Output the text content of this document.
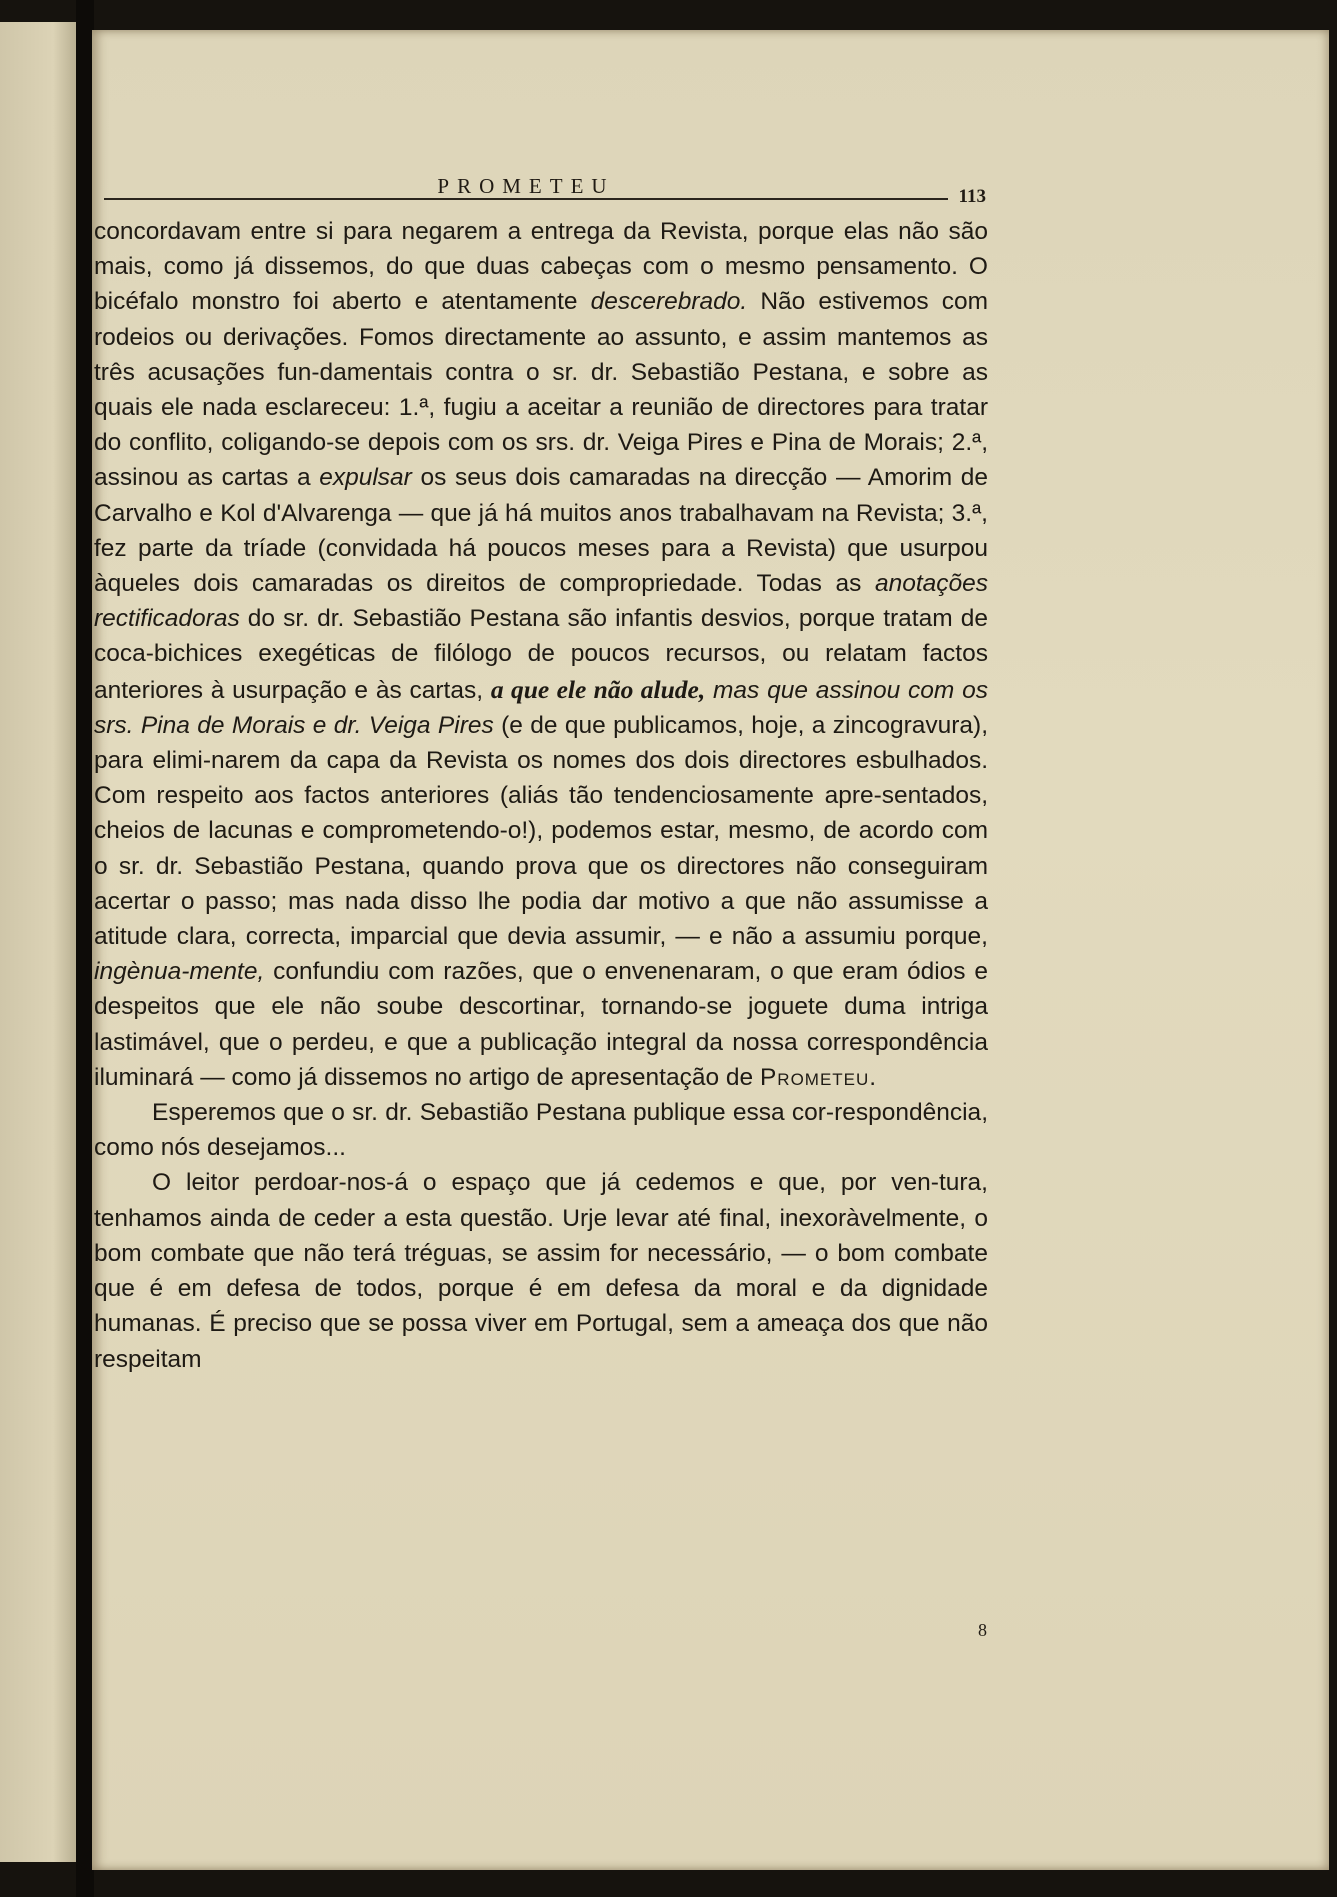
PROMETEU	113

concordavam entre si para negarem a entrega da Revista, porque elas não são mais, como já dissemos, do que duas cabeças com o mesmo pensamento. O bicéfalo monstro foi aberto e atentamente descerebrado. Não estivemos com rodeios ou derivações. Fomos directamente ao assunto, e assim mantemos as três acusações fun-damentais contra o sr. dr. Sebastião Pestana, e sobre as quais ele nada esclareceu: 1.ª, fugiu a aceitar a reunião de directores para tratar do conflito, coligando-se depois com os srs. dr. Veiga Pires e Pina de Morais; 2.ª, assinou as cartas a expulsar os seus dois camaradas na direcção — Amorim de Carvalho e Kol d'Alvarenga — que já há muitos anos trabalhavam na Revista; 3.ª, fez parte da tríade (convidada há poucos meses para a Revista) que usurpou àqueles dois camaradas os direitos de compropriedade. Todas as anotações rectificadoras do sr. dr. Sebastião Pestana são infantis desvios, porque tratam de coca-bichices exegéticas de filólogo de poucos recursos, ou relatam factos anteriores à usurpação e às cartas, a que ele não alude, mas que assinou com os srs. Pina de Morais e dr. Veiga Pires (e de que publicamos, hoje, a zincogravura), para elimi-narem da capa da Revista os nomes dos dois directores esbulhados. Com respeito aos factos anteriores (aliás tão tendenciosamente apre-sentados, cheios de lacunas e comprometendo-o!), podemos estar, mesmo, de acordo com o sr. dr. Sebastião Pestana, quando prova que os directores não conseguiram acertar o passo; mas nada disso lhe podia dar motivo a que não assumisse a atitude clara, correcta, imparcial que devia assumir, — e não a assumiu porque, ingènua-mente, confundiu com razões, que o envenenaram, o que eram ódios e despeitos que ele não soube descortinar, tornando-se joguete duma intriga lastimável, que o perdeu, e que a publicação integral da nossa correspondência iluminará — como já dissemos no artigo de apresentação de Prometeu.

Esperemos que o sr. dr. Sebastião Pestana publique essa cor-respondência, como nós desejamos...

O leitor perdoar-nos-á o espaço que já cedemos e que, por ven-tura, tenhamos ainda de ceder a esta questão. Urje levar até final, inexoràvelmente, o bom combate que não terá tréguas, se assim for necessário, — o bom combate que é em defesa de todos, porque é em defesa da moral e da dignidade humanas. É preciso que se possa viver em Portugal, sem a ameaça dos que não respeitam

8
